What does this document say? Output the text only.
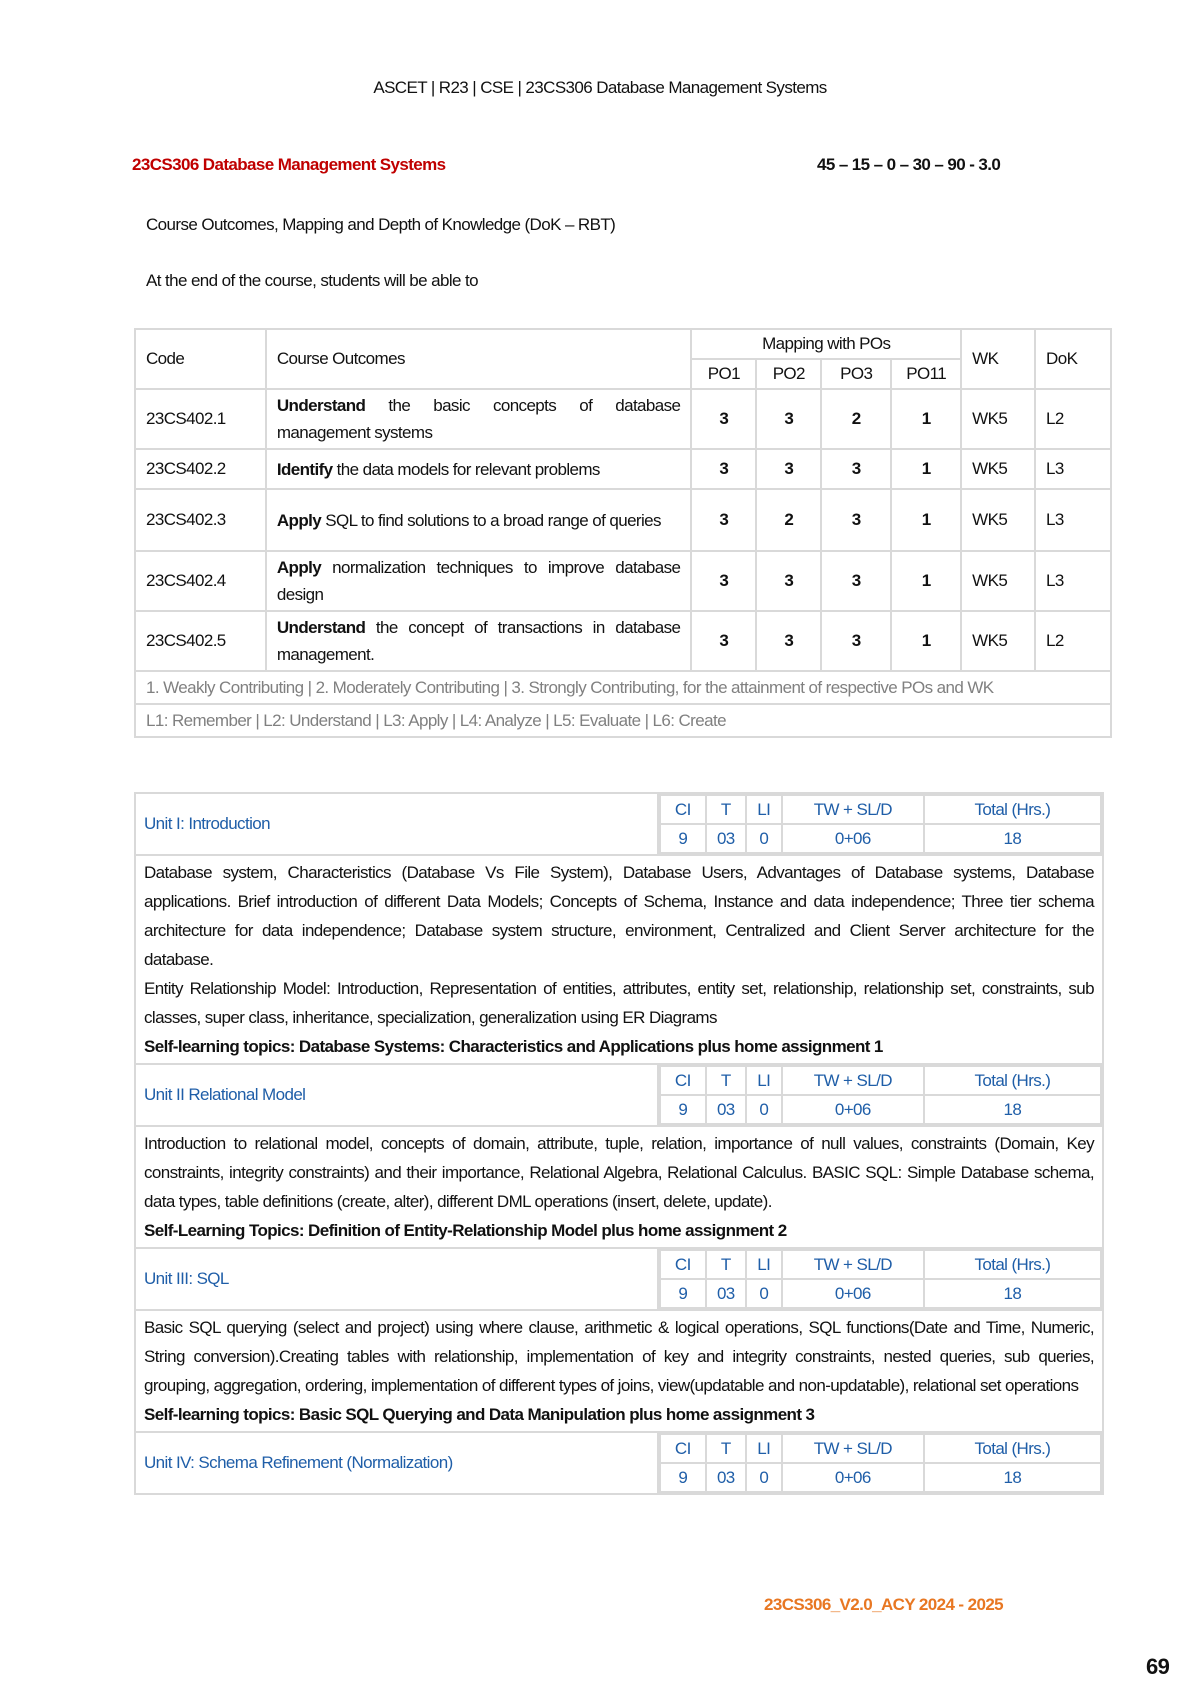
ASCET | R23 | CSE | 23CS306 Database Management Systems
23CS306 Database Management Systems	45 – 15 – 0 – 30 – 90 - 3.0
Course Outcomes, Mapping and Depth of Knowledge (DoK – RBT)
At the end of the course, students will be able to
Code	Course Outcomes	Mapping with POs				WK	DoK
		PO1	PO2	PO3	PO11		
23CS402.1	Understand the basic concepts of database management systems	3	3	2	1	WK5	L2
23CS402.2	Identify the data models for relevant problems	3	3	3	1	WK5	L3
23CS402.3	Apply SQL to find solutions to a broad range of queries	3	2	3	1	WK5	L3
23CS402.4	Apply normalization techniques to improve database design	3	3	3	1	WK5	L3
23CS402.5	Understand the concept of transactions in database management.	3	3	3	1	WK5	L2
1. Weakly Contributing | 2. Moderately Contributing | 3. Strongly Contributing, for the attainment of respective POs and WK							
L1: Remember | L2: Understand | L3: Apply | L4: Analyze | L5: Evaluate | L6: Create							
Unit I: Introduction	
CI	T	LI	TW + SL/D	Total (Hrs.)
9	03	0	0+06	18

Database system, Characteristics (Database Vs File System), Database Users, Advantages of Database systems, Database applications. Brief introduction of different Data Models; Concepts of Schema, Instance and data independence; Three tier schema architecture for data independence; Database system structure, environment, Centralized and Client Server architecture for the database.
Entity Relationship Model: Introduction, Representation of entities, attributes, entity set, relationship, relationship set, constraints, sub classes, super class, inheritance, specialization, generalization using ER Diagrams
Self-learning topics: Database Systems: Characteristics and Applications plus home assignment 1

Unit II Relational Model	
CI	T	LI	TW + SL/D	Total (Hrs.)
9	03	0	0+06	18

Introduction to relational model, concepts of domain, attribute, tuple, relation, importance of null values, constraints (Domain, Key constraints, integrity constraints) and their importance, Relational Algebra, Relational Calculus. BASIC SQL: Simple Database schema, data types, table definitions (create, alter), different DML operations (insert, delete, update).
Self-Learning Topics: Definition of Entity-Relationship Model plus home assignment 2

Unit III: SQL	
CI	T	LI	TW + SL/D	Total (Hrs.)
9	03	0	0+06	18

Basic SQL querying (select and project) using where clause, arithmetic & logical operations, SQL functions(Date and Time, Numeric, String conversion).Creating tables with relationship, implementation of key and integrity constraints, nested queries, sub queries, grouping, aggregation, ordering, implementation of different types of joins, view(updatable and non-updatable), relational set operations
Self-learning topics: Basic SQL Querying and Data Manipulation plus home assignment 3

Unit IV: Schema Refinement (Normalization)	
CI	T	LI	TW + SL/D	Total (Hrs.)
9	03	0	0+06	18
23CS306_V2.0_ACY 2024 - 2025
69
